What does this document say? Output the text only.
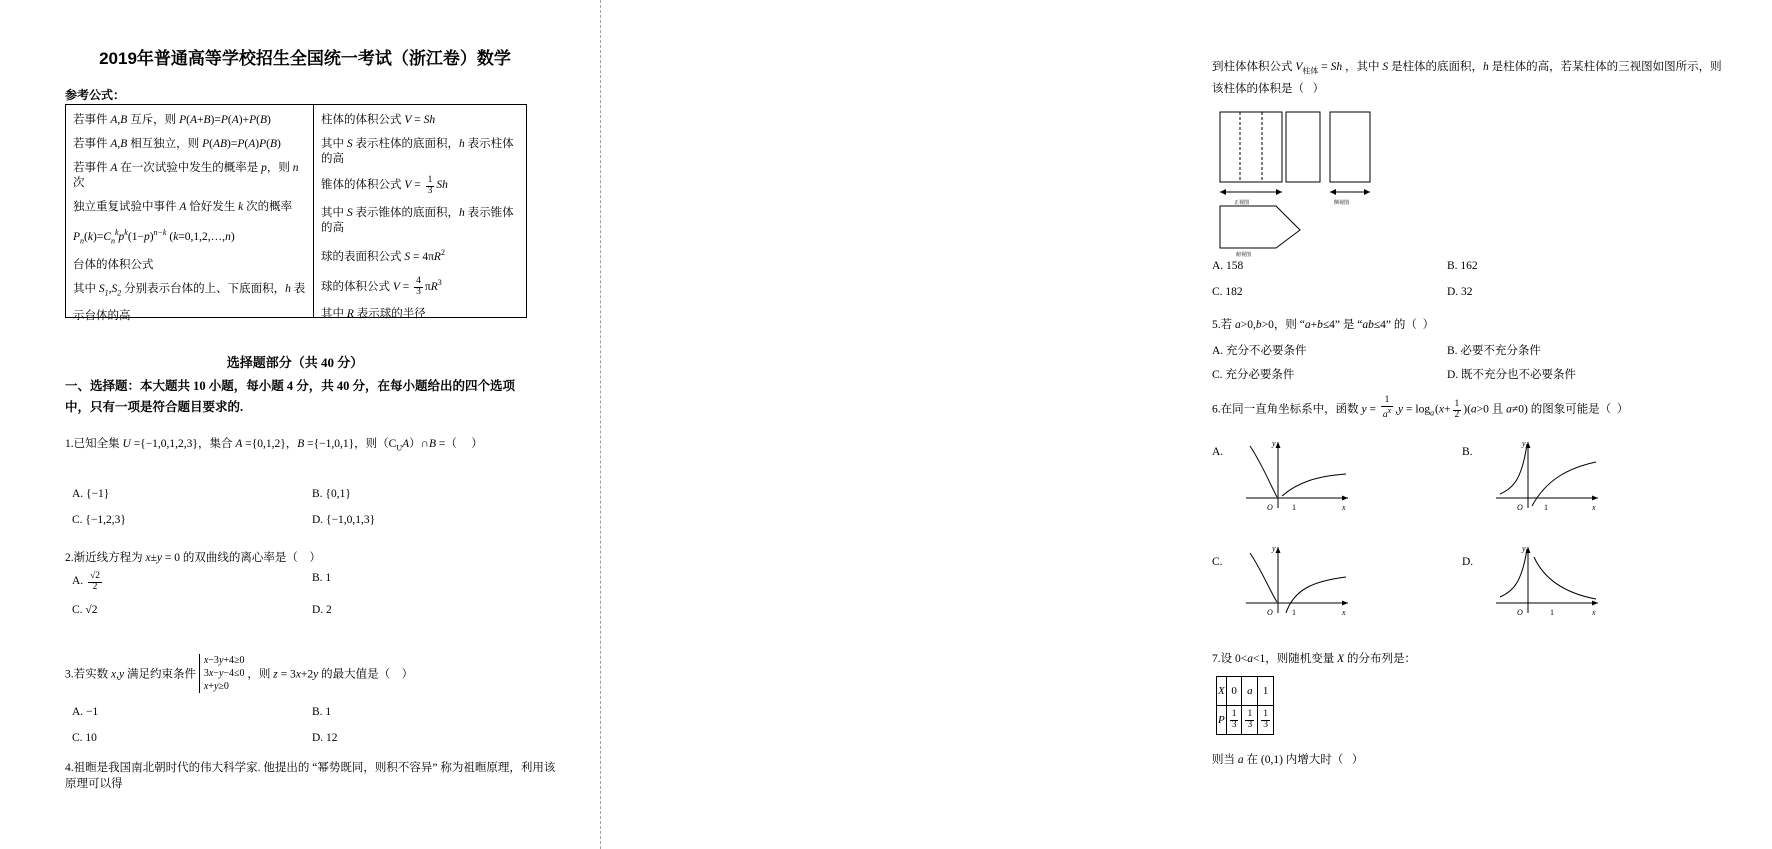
2019年普通高等学校招生全国统一考试（浙江卷）数学
参考公式：
若事件 A,B 互斥，则 P(A+B)=P(A)+P(B)
若事件 A,B 相互独立，则 P(AB)=P(A)P(B)
若事件 A 在一次试验中发生的概率是 p，则 n 次
独立重复试验中事件 A 恰好发生 k 次的概率
$P_n(k)=C_n^kp^k(1-p)^{n-k}$ (k=0,1,2,…,n)
台体的体积公式
其中 $S_1,S_2$ 分别表示台体的上、下底面积，h 表
示台体的高
柱体的体积公式 V = Sh
其中 S 表示柱体的底面积，h 表示柱体的高
锥体的体积公式 $V = \frac{1}{3}$ Sh
其中 S 表示锥体的底面积，h 表示锥体的高
球的表面积公式 $S = 4\pi R^2$
球的体积公式 $V = \frac{4}{3} \pi R^3$
其中 R 表示球的半径
选择题部分（共 40 分）
一、选择题：本大题共 10 小题，每小题 4 分，共 40 分，在每小题给出的四个选项中，只有一项是符合题目要求的.
1.已知全集 U ={−1,0,1,2,3}，集合 A ={0,1,2}，B ={−1,0,1}，则$(C_UA)\cap B$ =（     ）
A. {−1}	B. {0,1}
C. {−1,2,3}	D. {−1,0,1,3}
2.渐近线方程为 x±y = 0 的双曲线的离心率是（    ）
A. $\frac{√2}{2}$	B. 1
C. √2	D. 2
3.若实数 x,y 满足约束条件
x−3y+4≥0
3x−y−4≤0
x+y≥0
，则 z = 3x+2y 的最大值是（    ）
A. −1	B. 1
C. 10	D. 12
4.祖暅是我国南北朝时代的伟大科学家. 他提出的 “幂势既同，则积不容异” 称为祖暅原理，利用该原理可以得
到柱体体积公式 $V_{柱体} = Sh$ ，其中 S 是柱体的底面积，h 是柱体的高，若某柱体的三视图如图所示，则该柱体的体积是（   ）
正视图	侧视图
俯视图
A. 158	B. 162
C. 182	D. 32
5.若 a>0,b>0，则 “a+b≤4” 是 “ab≤4” 的（  ）
A. 充分不必要条件	B. 必要不充分条件
C. 充分必要条件	D. 既不充分也不必要条件
6.在同一直角坐标系中，函数 $y = \frac{1}{a^x} ,y = \log_a$ $(x+ \frac{1}{2} )(a>0$ 且 a≠0) 的图象可能是（  ）
A.
O
y
x
1
B.
O
y
x
1
C.
O
y
x
1
D.
O
y
x
1
7.设 0<a<1，则随机变量 X 的分布列是：
X	0	a	1
P	$\frac{1}{3}$	$\frac{1}{3}$	$\frac{1}{3}$
则当 a 在 (0,1) 内增大时（   ）
